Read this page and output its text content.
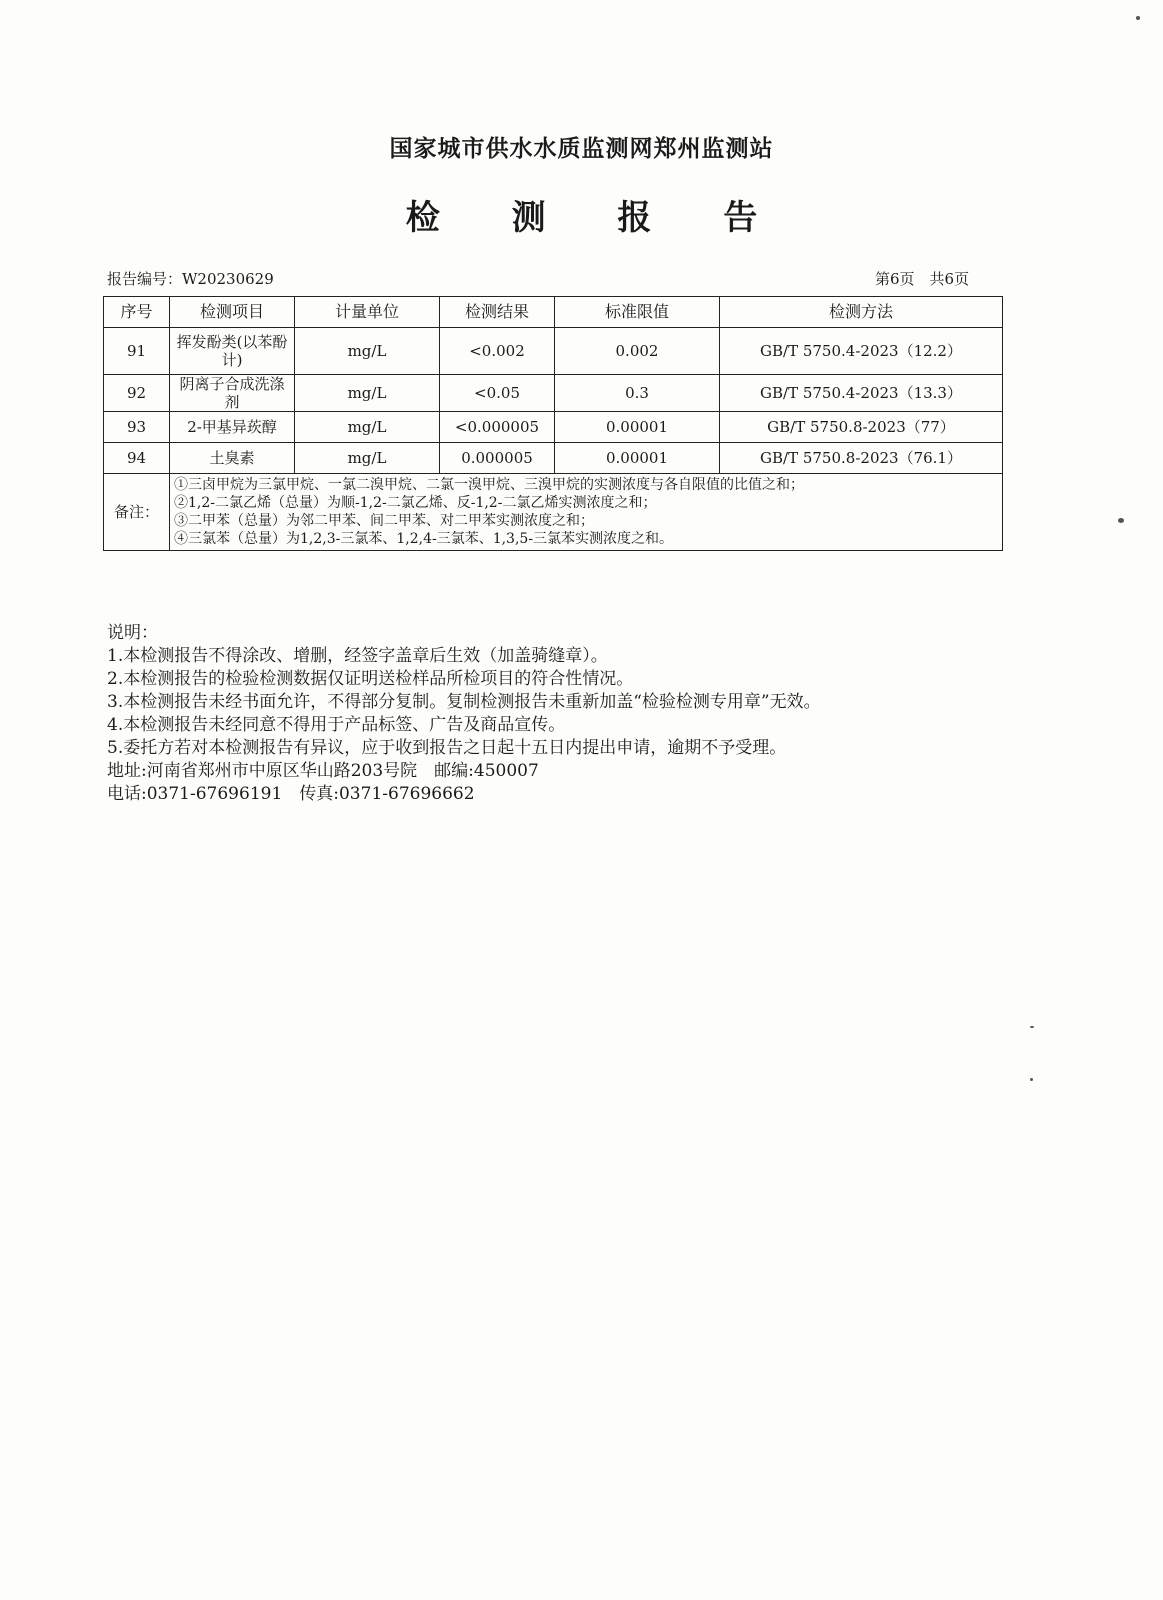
国家城市供水水质监测网郑州监测站
检 测 报 告
报告编号：W20230629	第6页　共6页
序号	检测项目	计量单位	检测结果	标准限值	检测方法
91	挥发酚类(以苯酚计)	mg/L	<0.002	0.002	GB/T 5750.4-2023（12.2）
92	阴离子合成洗涤剂	mg/L	<0.05	0.3	GB/T 5750.4-2023（13.3）
93	2-甲基异莰醇	mg/L	<0.000005	0.00001	GB/T 5750.8-2023（77）
94	土臭素	mg/L	0.000005	0.00001	GB/T 5750.8-2023（76.1）
备注：	①三卤甲烷为三氯甲烷、一氯二溴甲烷、二氯一溴甲烷、三溴甲烷的实测浓度与各自限值的比值之和；
②1,2-二氯乙烯（总量）为顺-1,2-二氯乙烯、反-1,2-二氯乙烯实测浓度之和；
③二甲苯（总量）为邻二甲苯、间二甲苯、对二甲苯实测浓度之和；
④三氯苯（总量）为1,2,3-三氯苯、1,2,4-三氯苯、1,3,5-三氯苯实测浓度之和。				
说明：
1.本检测报告不得涂改、增删，经签字盖章后生效（加盖骑缝章）。
2.本检测报告的检验检测数据仅证明送检样品所检项目的符合性情况。
3.本检测报告未经书面允许，不得部分复制。复制检测报告未重新加盖“检验检测专用章”无效。
4.本检测报告未经同意不得用于产品标签、广告及商品宣传。
5.委托方若对本检测报告有异议，应于收到报告之日起十五日内提出申请，逾期不予受理。
地址:河南省郑州市中原区华山路203号院　邮编:450007
电话:0371-67696191　传真:0371-67696662
